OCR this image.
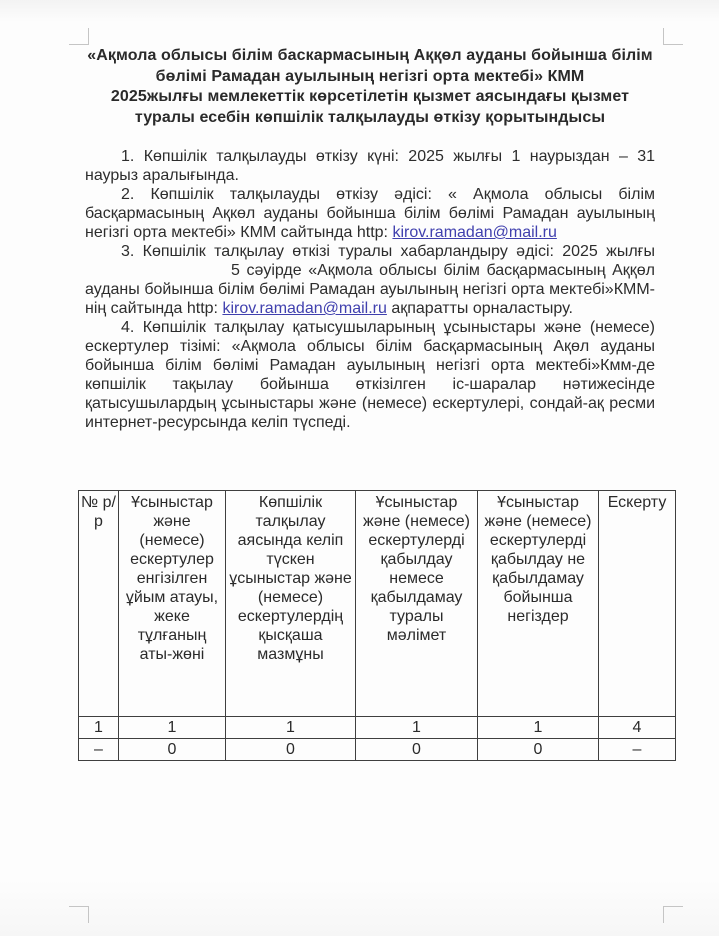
«Ақмола облысы білім баскармасының Аққөл ауданы бойынша білім бөлімі Рамадан ауылының негізгі орта мектебі» КММ
2025жылғы мемлекеттік көрсетілетін қызмет аясындағы қызмет туралы есебін көпшілік талқылауды өткізу қорытындысы

1. Көпшілік талқылауды өткізу күні: 2025 жылғы 1 наурыздан – 31 наурыз аралығында.

2. Көпшілік талқылауды өткізу әдісі: « Ақмола облысы білім басқармасының Ақкөл ауданы бойынша білім бөлімі Рамадан ауылының негізгі орта мектебі» КММ сайтында http: kirov.ramadan@mail.ru

3. Көпшілік талқылау өткізі туралы хабарландыру әдісі: 2025 жылғы5 сәуірде «Ақмола облысы білім басқармасының Аққөл ауданы бойынша білім бөлімі Рамадан ауылының негізгі орта мектебі»КММ-нің сайтында http: kirov.ramadan@mail.ru ақпаратты орналастыру.

4. Көпшілік талқылау қатысушыларының ұсыныстары және (немесе) ескертулер тізімі: «Ақмола облысы білім басқармасының Ақөл ауданы бойынша білім бөлімі Рамадан ауылының негізгі орта мектебі»Кмм-де көпшілік тақылау бойынша өткізілген іс-шаралар нәтижесінде қатысушылардың ұсыныстары және (немесе) ескертулері, сондай-ақ ресми интернет-ресурсында келіп түспеді.

№ р/р	Ұсыныстар және (немесе) ескертулер енгізілген ұйым атауы, жеке тұлғаның аты-жөні	Көпшілік талқылау аясында келіп түскен ұсыныстар және (немесе) ескертулердің қысқаша мазмұны	Ұсыныстар және (немесе) ескертулерді қабылдау немесе қабылдамау туралы мәлімет	Ұсыныстар және (немесе) ескертулерді қабылдау не қабылдамау бойынша негіздер	Ескерту
1	1	1	1	1	4
–	0	0	0	0	–
